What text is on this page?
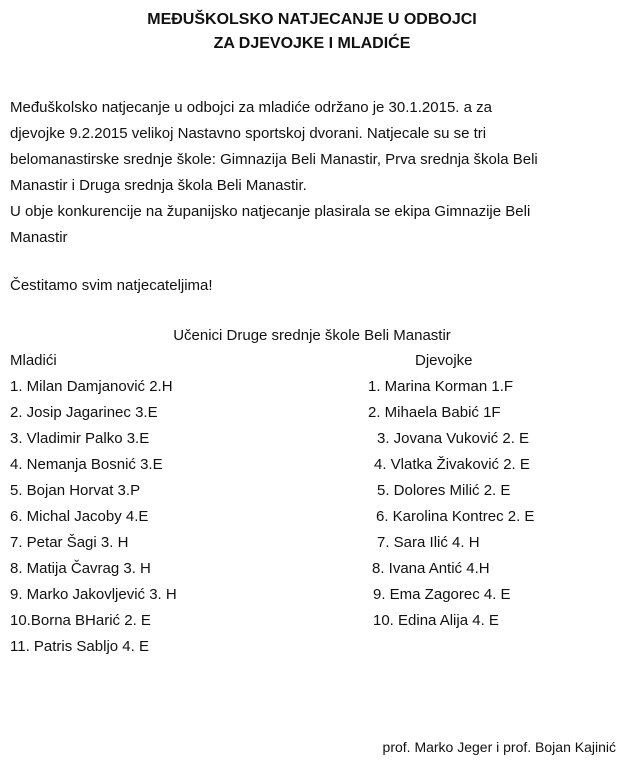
MEĐUŠKOLSKO NATJECANJE U ODBOJCI
ZA DJEVOJKE I MLADIĆE
Međuškolsko natjecanje u odbojci za mladiće održano je 30.1.2015. a za
djevojke 9.2.2015 velikoj Nastavno sportskoj dvorani. Natjecale su se tri
belomanastirske srednje škole: Gimnazija Beli Manastir, Prva srednja škola Beli
Manastir i Druga srednja škola Beli Manastir.
U obje konkurencije na županijsko natjecanje plasirala se ekipa Gimnazije Beli
Manastir
Čestitamo svim natjecateljima!
Učenici Druge srednje škole Beli Manastir
Mladići	Djevojke
1. Milan Damjanović 2.H
2. Josip Jagarinec 3.E
3. Vladimir Palko 3.E
4. Nemanja Bosnić 3.E
5. Bojan Horvat 3.P
6. Michal Jacoby 4.E
7. Petar Šagi 3. H
8. Matija Čavrag 3. H
9. Marko Jakovljević 3. H
10.Borna BHarić 2. E
11. Patris Sabljo 4. E
1. Marina Korman 1.F
2. Mihaela Babić 1F
3. Jovana Vuković 2. E
4. Vlatka Živaković 2. E
5. Dolores Milić 2. E
6. Karolina Kontrec 2. E
7. Sara Ilić 4. H
8. Ivana Antić 4.H
9. Ema Zagorec 4. E
10. Edina Alija 4. E
prof. Marko Jeger i prof. Bojan Kajinić
